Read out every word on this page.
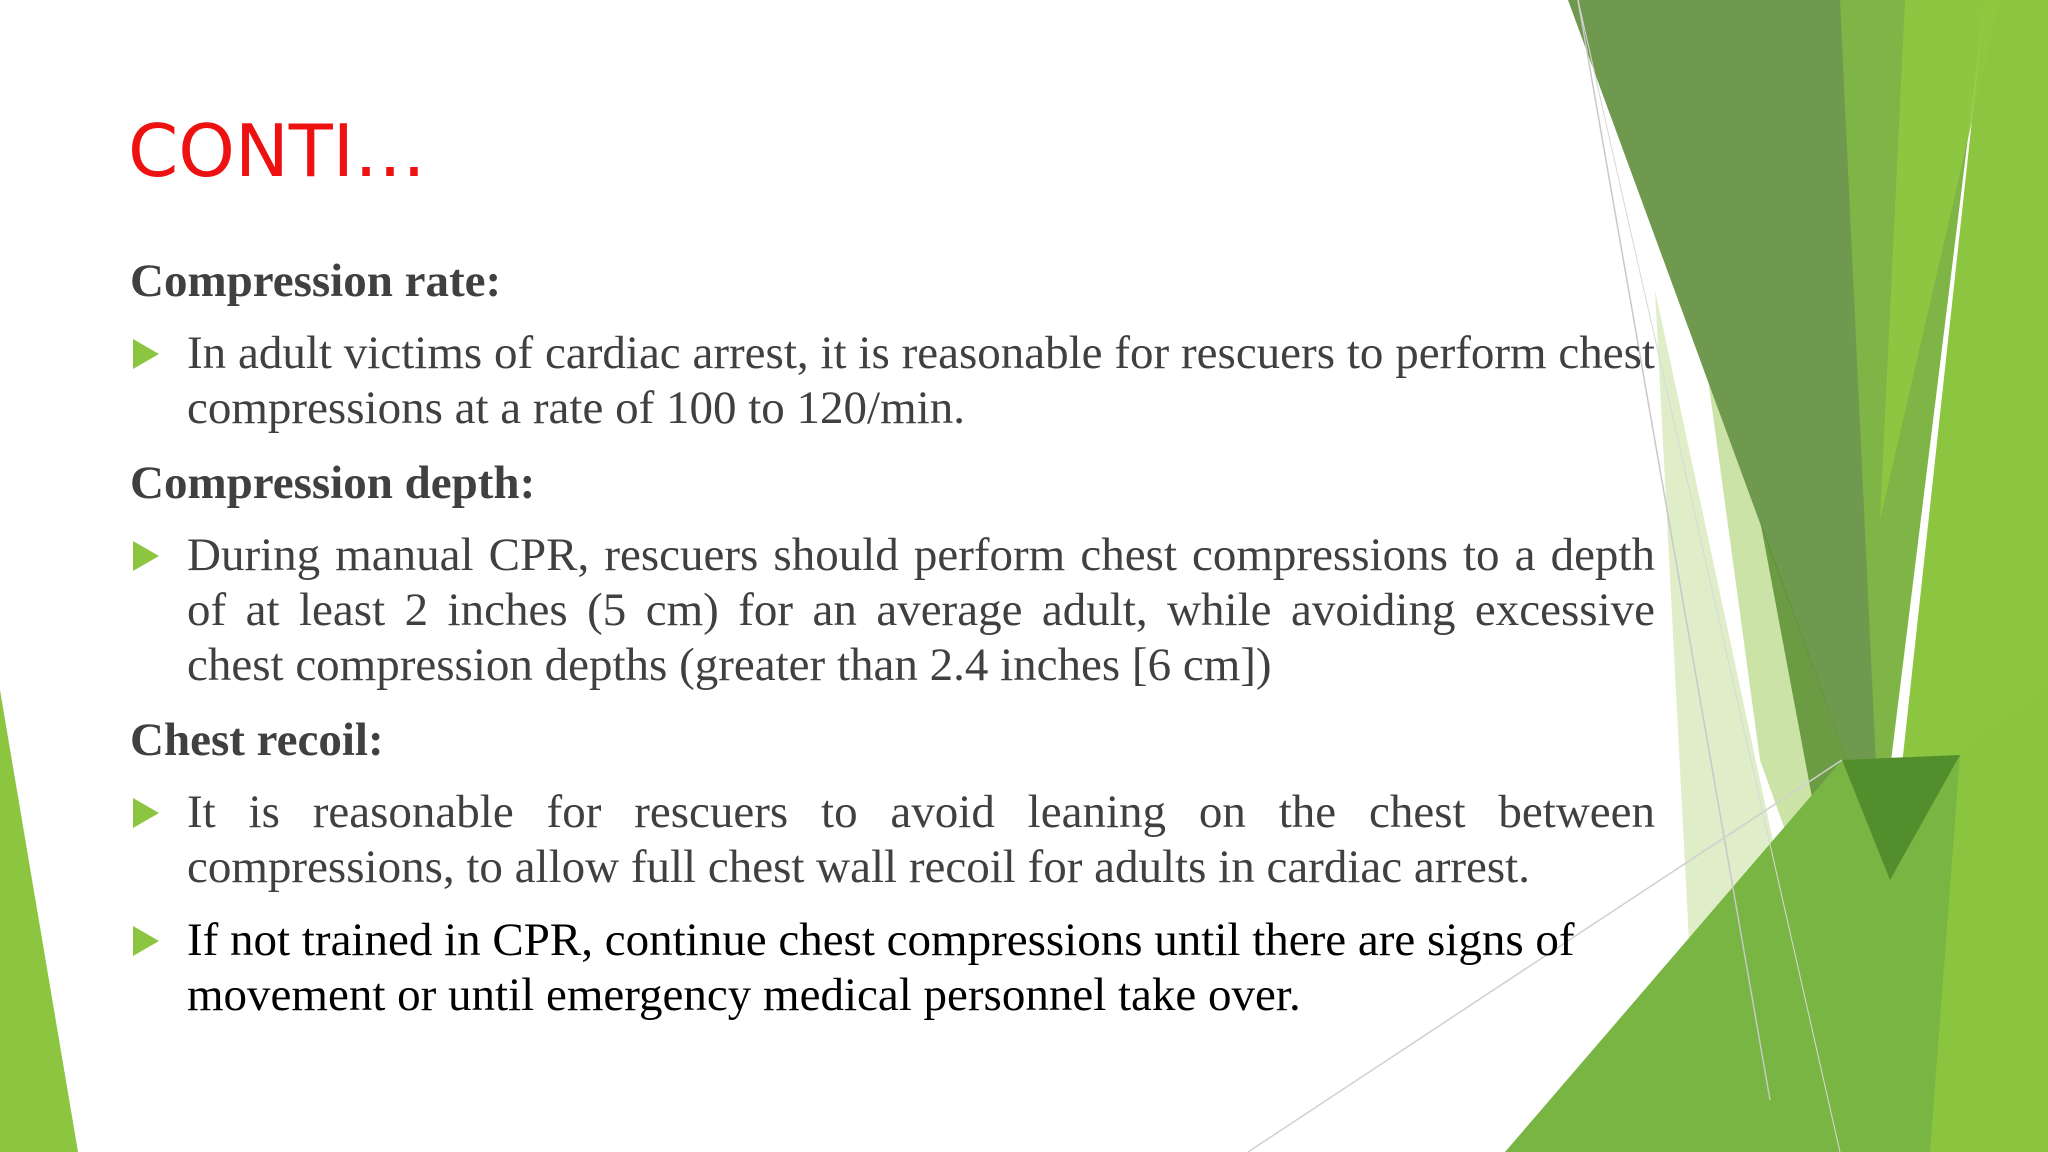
CONTI…
Compression rate:
In adult victims of cardiac arrest, it is reasonable for rescuers to perform chest compressions at a rate of 100 to 120/min.
Compression depth:
During manual CPR, rescuers should perform chest compressions to a depth of at least 2 inches (5 cm) for an average adult, while avoiding excessive chest compression depths (greater than 2.4 inches [6 cm])
Chest recoil:
It is reasonable for rescuers to avoid leaning on the chest between compressions, to allow full chest wall recoil for adults in cardiac arrest.
If not trained in CPR, continue chest compressions until there are signs of movement or until emergency medical personnel take over.
